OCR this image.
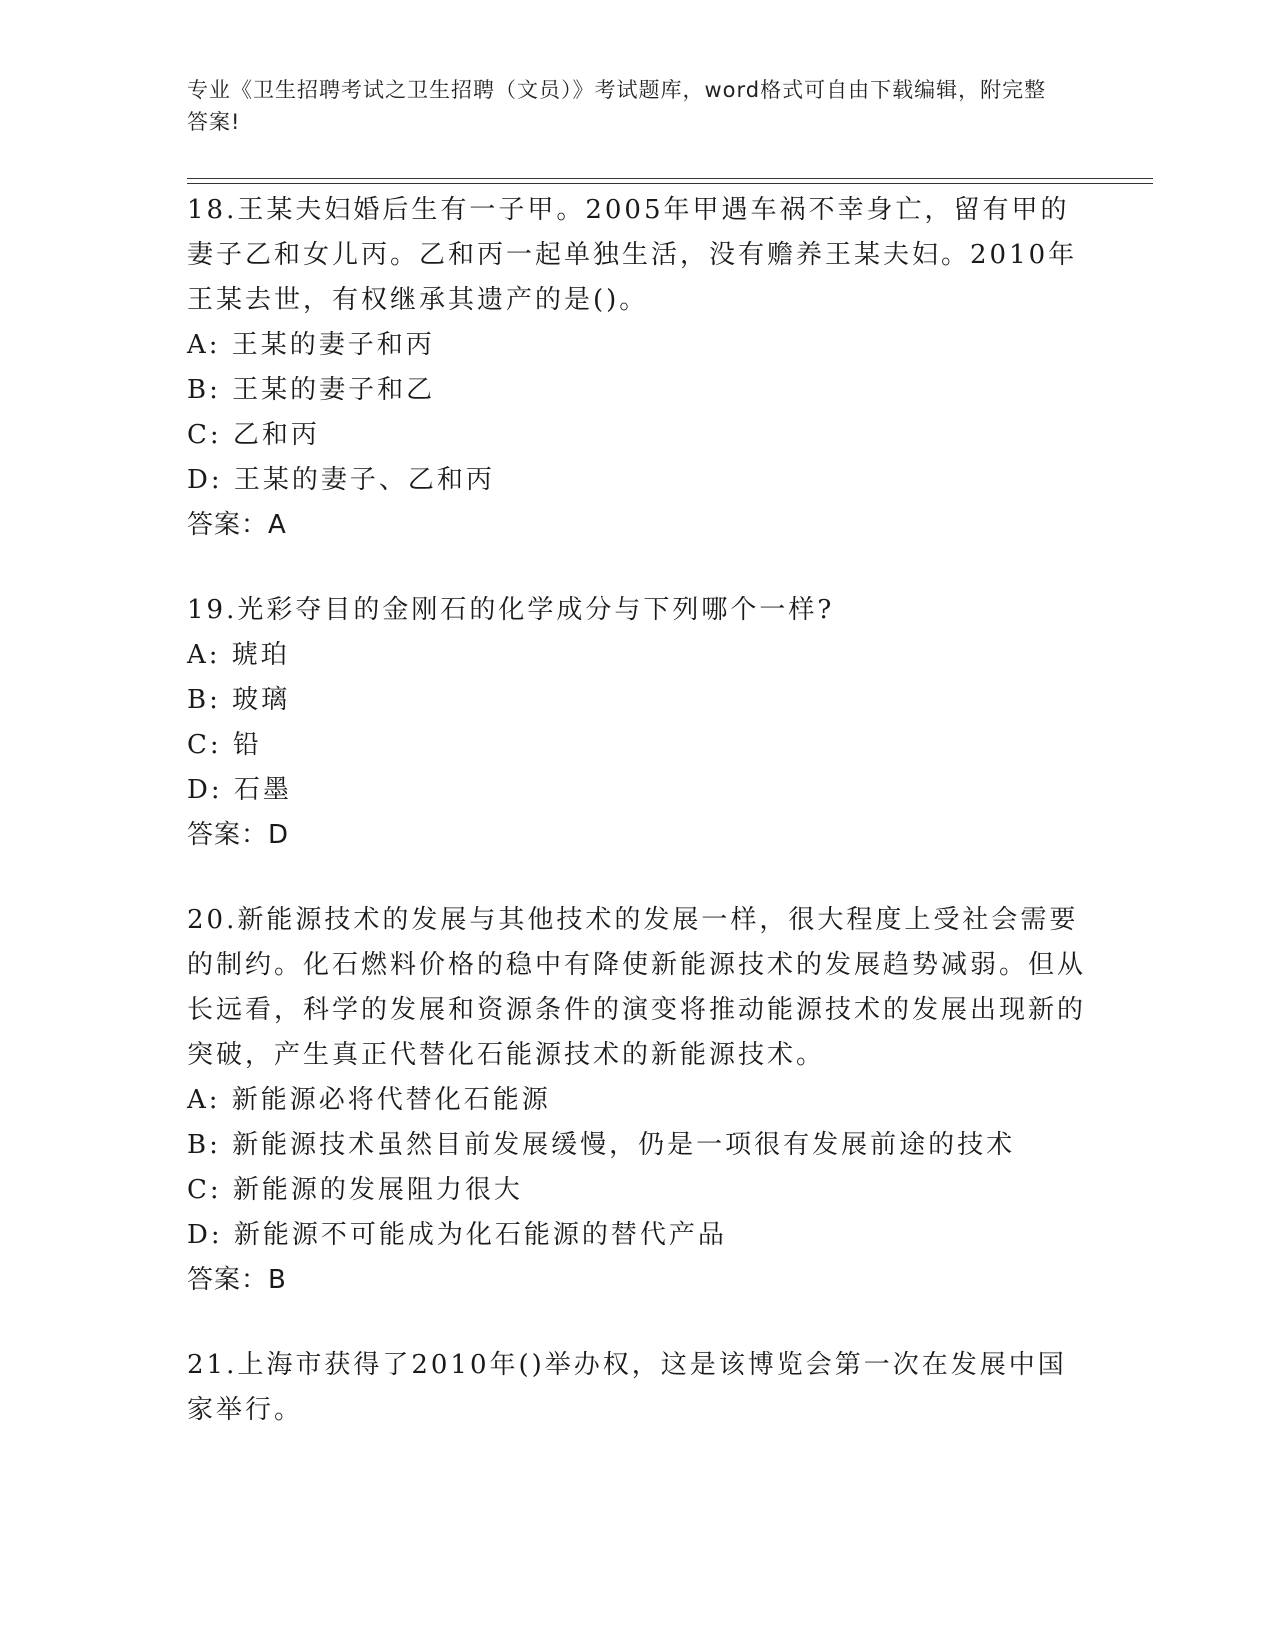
专业《卫生招聘考试之卫生招聘（文员）》考试题库，word格式可自由下载编辑，附完整答案!

18.王某夫妇婚后生有一子甲。2005年甲遇车祸不幸身亡，留有甲的妻子乙和女儿丙。乙和丙一起单独生活，没有赡养王某夫妇。2010年王某去世，有权继承其遗产的是()。

A: 王某的妻子和丙

B: 王某的妻子和乙

C: 乙和丙

D: 王某的妻子、乙和丙

答案：A

19.光彩夺目的金刚石的化学成分与下列哪个一样?

A: 琥珀

B: 玻璃

C: 铅

D: 石墨

答案：D

20.新能源技术的发展与其他技术的发展一样，很大程度上受社会需要的制约。化石燃料价格的稳中有降使新能源技术的发展趋势减弱。但从长远看，科学的发展和资源条件的演变将推动能源技术的发展出现新的突破，产生真正代替化石能源技术的新能源技术。

A: 新能源必将代替化石能源

B: 新能源技术虽然目前发展缓慢，仍是一项很有发展前途的技术

C: 新能源的发展阻力很大

D: 新能源不可能成为化石能源的替代产品

答案：B

21.上海市获得了2010年()举办权，这是该博览会第一次在发展中国家举行。
